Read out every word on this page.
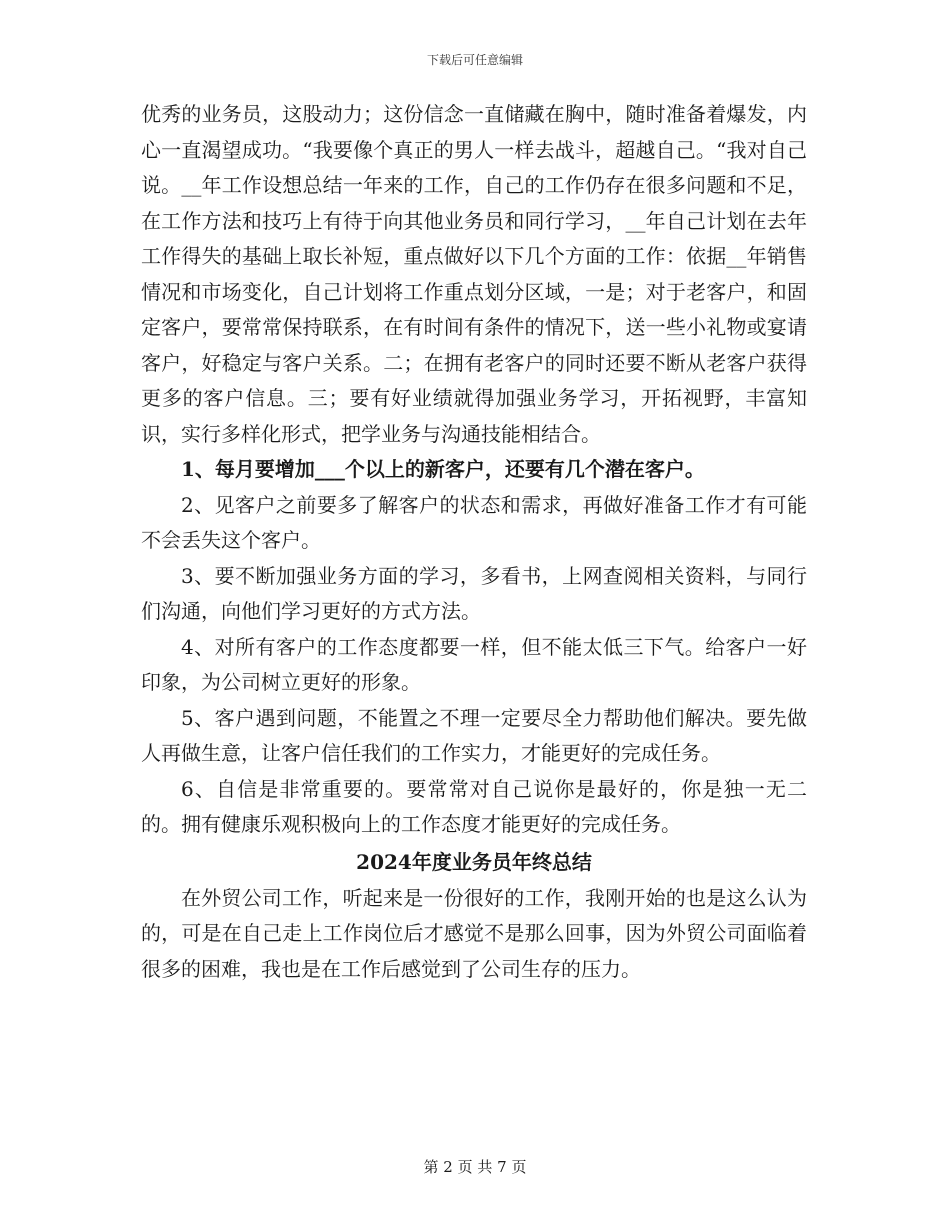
下载后可任意编辑

优秀的业务员，这股动力；这份信念一直储藏在胸中，随时准备着爆发，内心一直渴望成功。“我要像个真正的男人一样去战斗，超越自己。“我对自己说。__年工作设想总结一年来的工作，自己的工作仍存在很多问题和不足，在工作方法和技巧上有待于向其他业务员和同行学习，__年自己计划在去年工作得失的基础上取长补短，重点做好以下几个方面的工作：依据__年销售情况和市场变化，自己计划将工作重点划分区域，一是；对于老客户，和固定客户，要常常保持联系，在有时间有条件的情况下，送一些小礼物或宴请客户，好稳定与客户关系。二；在拥有老客户的同时还要不断从老客户获得更多的客户信息。三；要有好业绩就得加强业务学习，开拓视野，丰富知识，实行多样化形式，把学业务与沟通技能相结合。

1、每月要增加___个以上的新客户，还要有几个潜在客户。

2、见客户之前要多了解客户的状态和需求，再做好准备工作才有可能不会丢失这个客户。

3、要不断加强业务方面的学习，多看书，上网查阅相关资料，与同行们沟通，向他们学习更好的方式方法。

4、对所有客户的工作态度都要一样，但不能太低三下气。给客户一好印象，为公司树立更好的形象。

5、客户遇到问题，不能置之不理一定要尽全力帮助他们解决。要先做人再做生意，让客户信任我们的工作实力，才能更好的完成任务。

6、自信是非常重要的。要常常对自己说你是最好的，你是独一无二的。拥有健康乐观积极向上的工作态度才能更好的完成任务。

2024年度业务员年终总结

在外贸公司工作，听起来是一份很好的工作，我刚开始的也是这么认为的，可是在自己走上工作岗位后才感觉不是那么回事，因为外贸公司面临着很多的困难，我也是在工作后感觉到了公司生存的压力。

第 2 页 共 7 页
